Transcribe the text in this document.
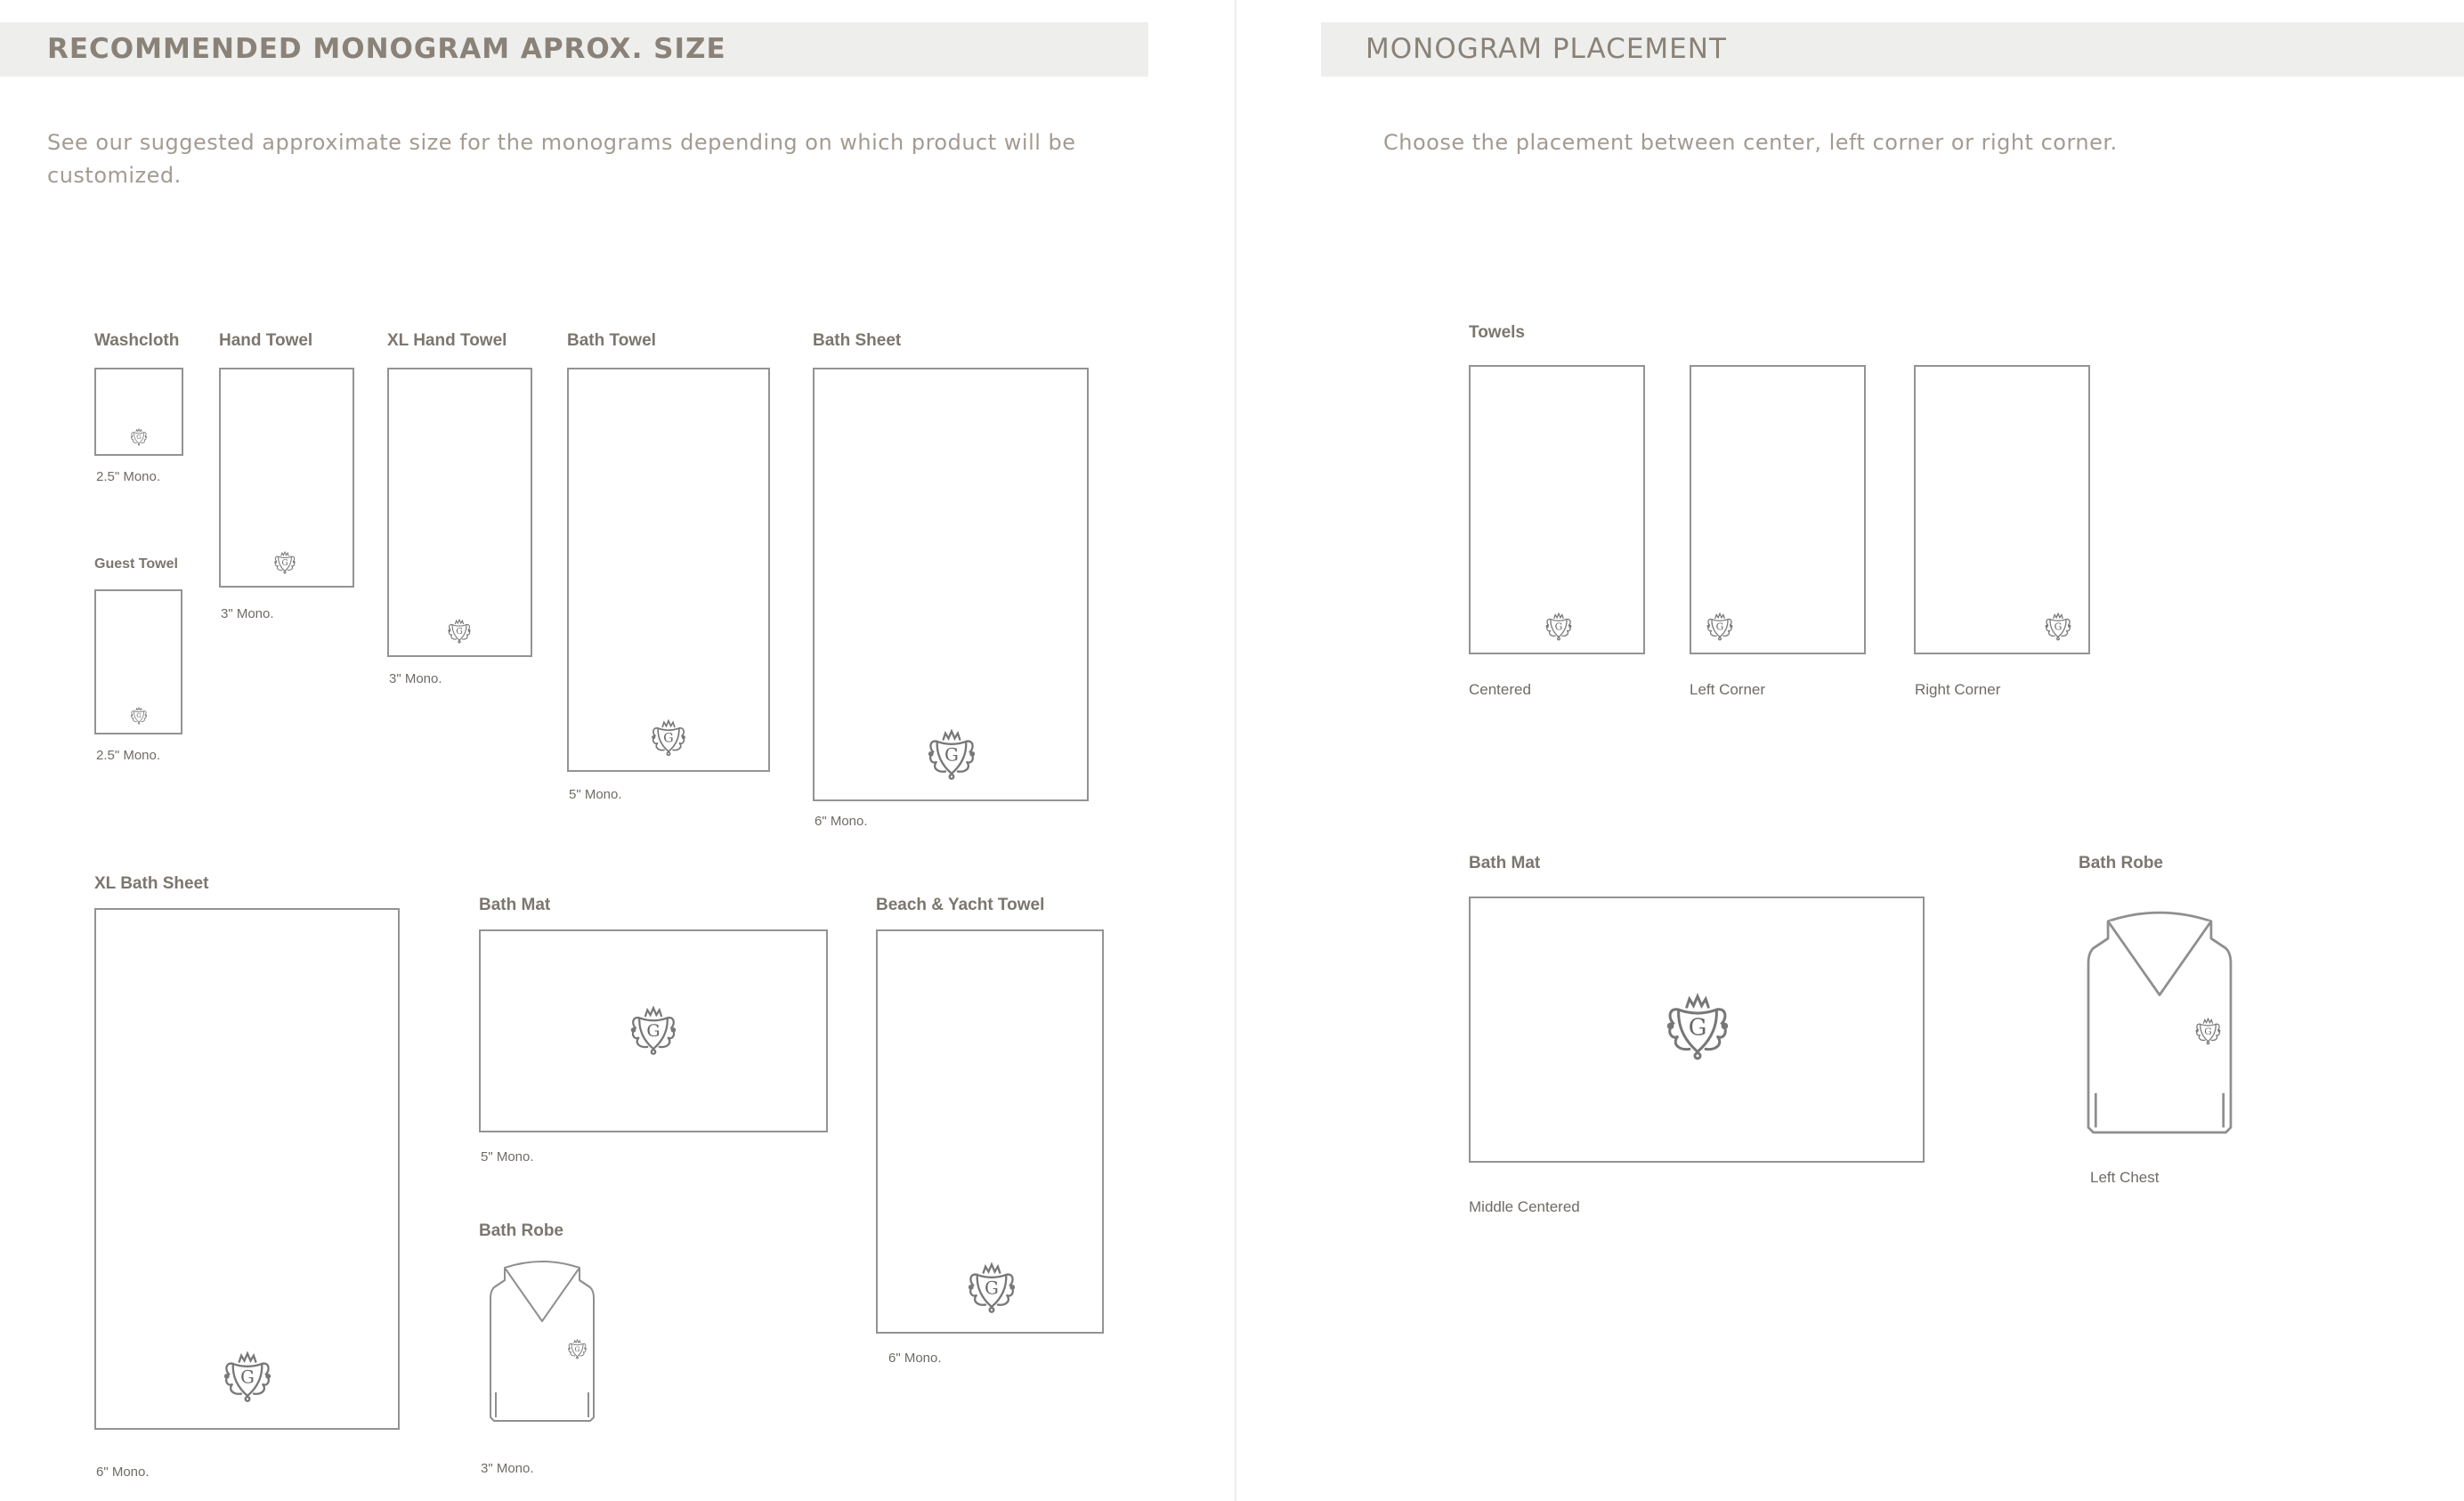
RECOMMENDED MONOGRAM APROX. SIZE
See our suggested approximate size for the monograms depending on which product will be
customized.
Washcloth
2.5" Mono.
Guest Towel
2.5" Mono.
Hand Towel
3" Mono.
XL Hand Towel
3" Mono.
Bath Towel
5" Mono.
Bath Sheet
6" Mono.
XL Bath Sheet
6" Mono.
Bath Mat
5" Mono.
Bath Robe
3" Mono.
Beach & Yacht Towel
6" Mono.
MONOGRAM PLACEMENT
Choose the placement between center, left corner or right corner.
Towels
Centered	Left Corner	Right Corner
Bath Mat
Middle Centered
Bath Robe
Left Chest
